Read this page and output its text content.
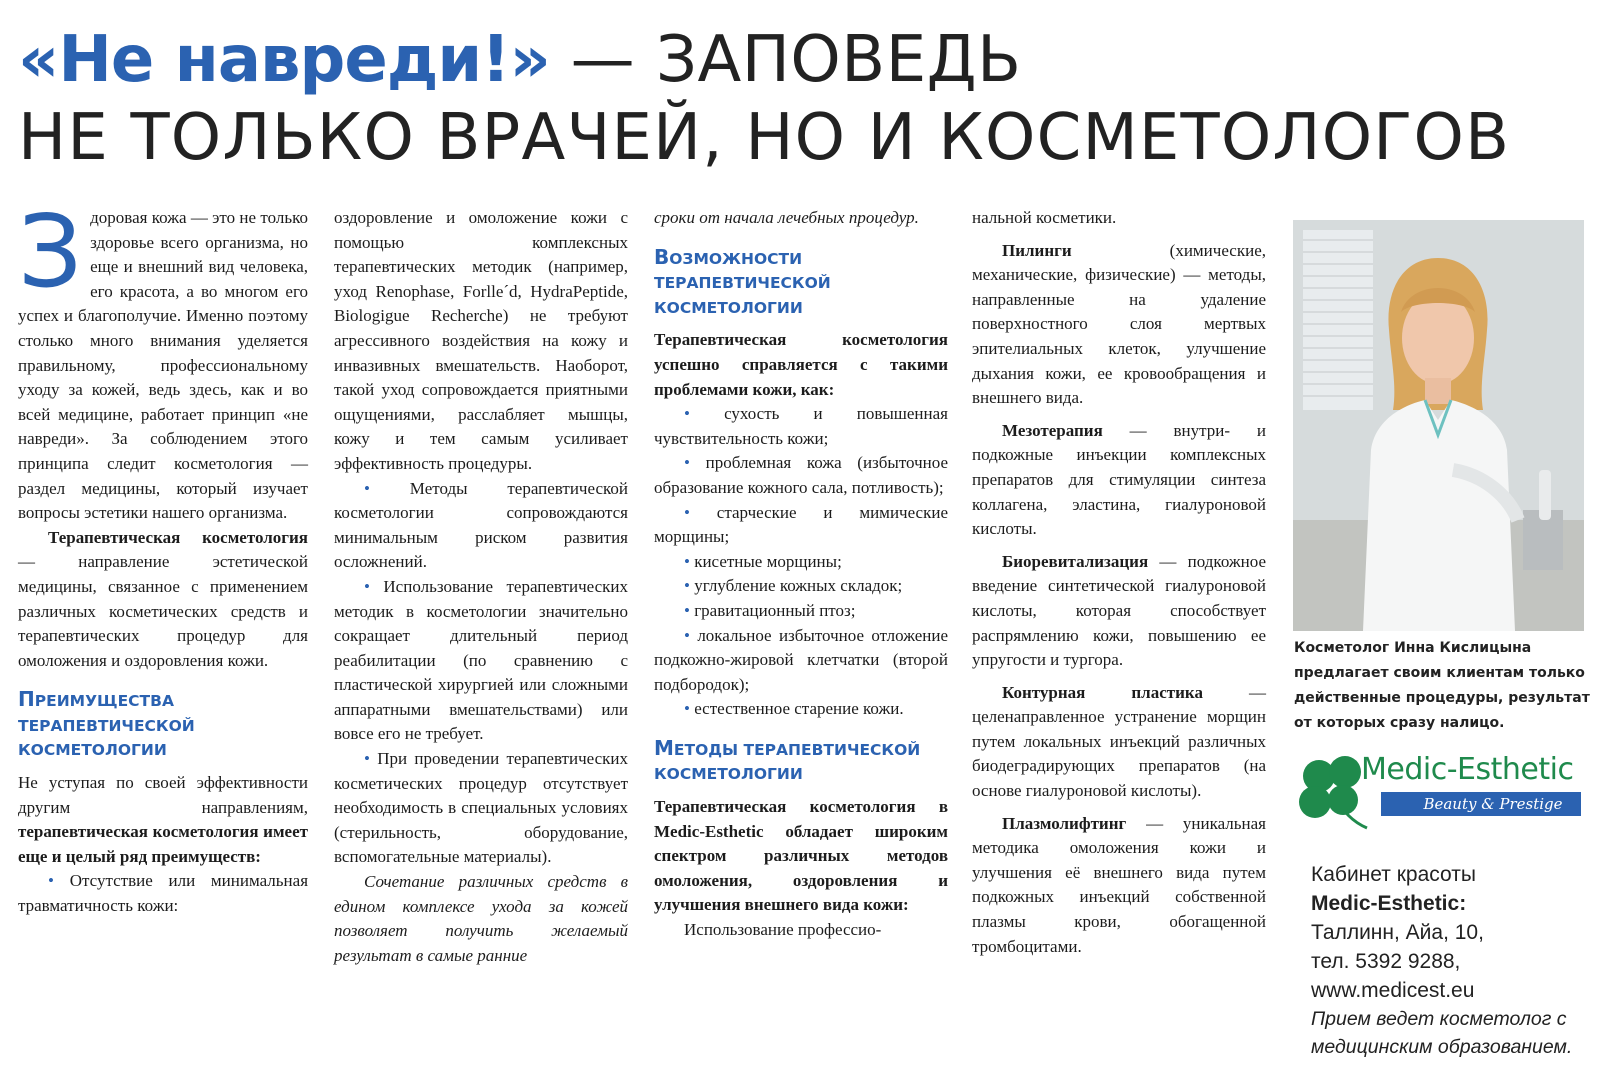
«Не навреди!» — ЗАПОВЕДЬ
НЕ ТОЛЬКО ВРАЧЕЙ, НО И КОСМЕТОЛОГОВ

Здоровая кожа — это не только здоровье всего организма, но еще и внешний вид человека, его красота, а во многом его успех и благополучие. Именно поэтому столько много внимания уделяется правильному, профессиональному уходу за кожей, ведь здесь, как и во всей медицине, работает принцип «не навреди». За соблюдением этого принципа следит косметология — раздел медицины, который изучает вопросы эстетики нашего организма.

Терапевтическая косметология — направление эстетической медицины, связанное с применением различных косметических средств и терапевтических процедур для омоложения и оздоровления кожи.

ПРЕИМУЩЕСТВА ТЕРАПЕВТИЧЕСКОЙ КОСМЕТОЛОГИИ

Не уступая по своей эффективности другим направлениям, терапевтическая косметология имеет еще и целый ряд преимуществ:

• Отсутствие или минимальная травматичность кожи:

оздоровление и омоложение кожи с помощью комплексных терапевтических методик (например, уход Renophase, Forlle´d, HydraPeptide, Biologigue Recherche) не требуют агрессивного воздействия на кожу и инвазивных вмешательств. Наоборот, такой уход сопровождается приятными ощущениями, расслабляет мышцы, кожу и тем самым усиливает эффективность процедуры.

• Методы терапевтической косметологии сопровождаются минимальным риском развития осложнений.

• Использование терапевтических методик в косметологии значительно сокращает длительный период реабилитации (по сравнению с пластической хирургией или сложными аппаратными вмешательствами) или вовсе его не требует.

• При проведении терапевтических косметических процедур отсутствует необходимость в специальных условиях (стерильность, оборудование, вспомогательные материалы).

Сочетание различных средств в едином комплексе ухода за кожей позволяет получить желаемый результат в самые ранние

сроки от начала лечебных процедур.

ВОЗМОЖНОСТИ ТЕРАПЕВТИЧЕСКОЙ КОСМЕТОЛОГИИ

Терапевтическая косметология успешно справляется с такими проблемами кожи, как:

• сухость и повышенная чувствительность кожи;

• проблемная кожа (избыточное образование кожного сала, потливость);

• старческие и мимические морщины;

• кисетные морщины;

• углубление кожных складок;

• гравитационный птоз;

• локальное избыточное отложение подкожно-жировой клетчатки (второй подбородок);

• естественное старение кожи.

МЕТОДЫ ТЕРАПЕВТИЧЕСКОЙ КОСМЕТОЛОГИИ

Терапевтическая косметология в Medic-Esthetic обладает широким спектром различных методов омоложения, оздоровления и улучшения внешнего вида кожи:

Использование профессио-

нальной косметики.

Пилинги (химические, механические, физические) — методы, направленные на удаление поверхностного слоя мертвых эпителиальных клеток, улучшение дыхания кожи, ее кровообращения и внешнего вида.

Мезотерапия — внутри- и подкожные инъекции комплексных препаратов для стимуляции синтеза коллагена, эластина, гиалуроновой кислоты.

Биоревитализация — подкожное введение синтетической гиалуроновой кислоты, которая способствует распрямлению кожи, повышению ее упругости и тургора.

Контурная пластика — целенаправленное устранение морщин путем локальных инъекций различных биодеградирующих препаратов (на основе гиалуроновой кислоты).

Плазмолифтинг — уникальная методика омоложения кожи и улучшения её внешнего вида путем подкожных инъекций собственной плазмы крови, обогащенной тромбоцитами.

Косметолог Инна Кислицына предлагает своим клиентам только действенные процедуры, результат от которых сразу налицо.
Medic-Esthetic
Beauty & Prestige
Кабинет красоты
Medic-Esthetic:
Таллинн, Айа, 10,
тел. 5392 9288,
www.medicest.eu
Прием ведет косметолог с медицинским образованием.
